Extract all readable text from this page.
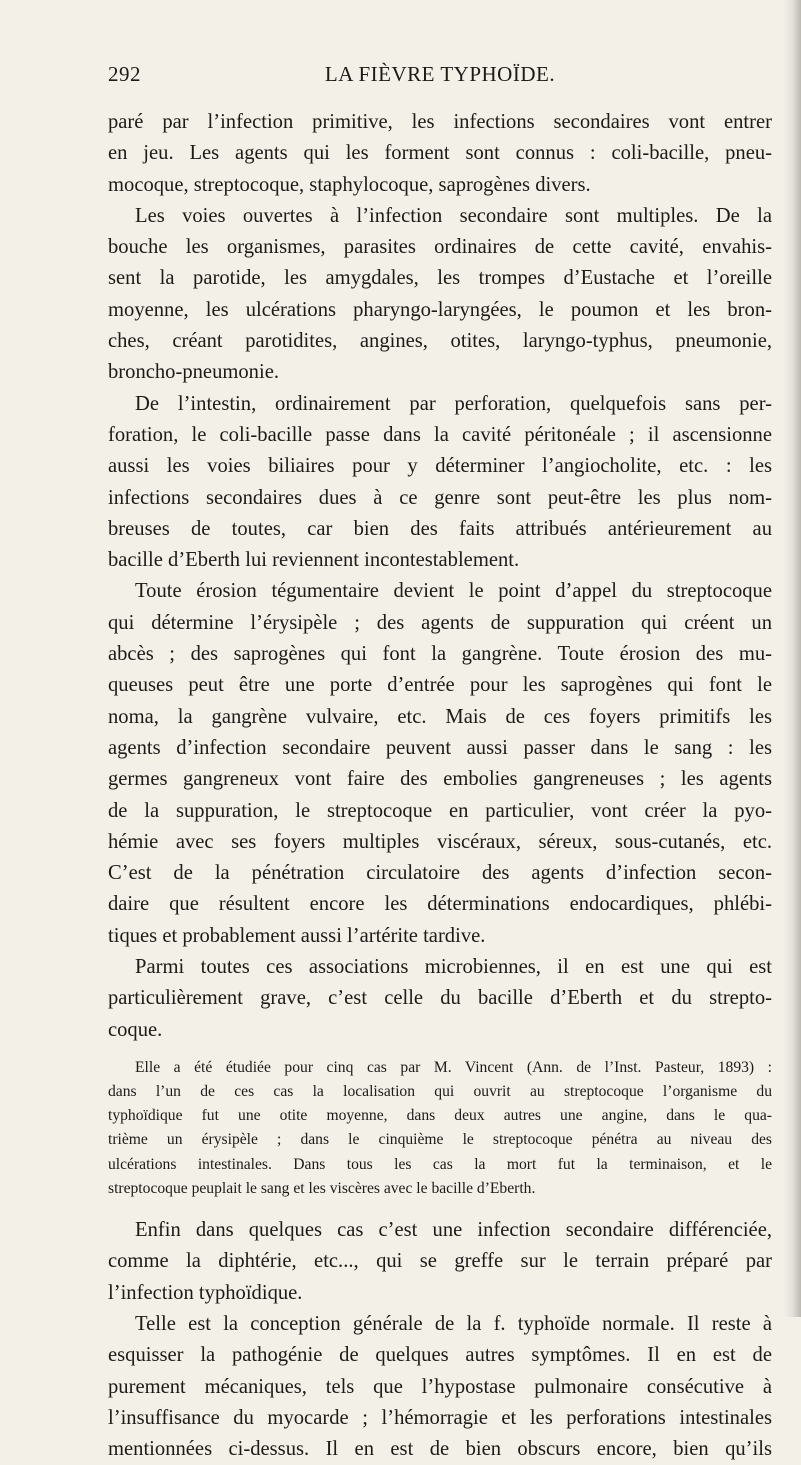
292	LA FIÈVRE TYPHOÏDE.
paré par l’infection primitive, les infections secondaires vont entrer
en jeu. Les agents qui les forment sont connus : coli-bacille, pneu-
mocoque, streptocoque, staphylocoque, saprogènes divers.
Les voies ouvertes à l’infection secondaire sont multiples. De la
bouche les organismes, parasites ordinaires de cette cavité, envahis-
sent la parotide, les amygdales, les trompes d’Eustache et l’oreille
moyenne, les ulcérations pharyngo-laryngées, le poumon et les bron-
ches, créant parotidites, angines, otites, laryngo-typhus, pneumonie,
broncho-pneumonie.
De l’intestin, ordinairement par perforation, quelquefois sans per-
foration, le coli-bacille passe dans la cavité péritonéale ; il ascensionne
aussi les voies biliaires pour y déterminer l’angiocholite, etc. : les
infections secondaires dues à ce genre sont peut-être les plus nom-
breuses de toutes, car bien des faits attribués antérieurement au
bacille d’Eberth lui reviennent incontestablement.
Toute érosion tégumentaire devient le point d’appel du streptocoque
qui détermine l’érysipèle ; des agents de suppuration qui créent un
abcès ; des saprogènes qui font la gangrène. Toute érosion des mu-
queuses peut être une porte d’entrée pour les saprogènes qui font le
noma, la gangrène vulvaire, etc. Mais de ces foyers primitifs les
agents d’infection secondaire peuvent aussi passer dans le sang : les
germes gangreneux vont faire des embolies gangreneuses ; les agents
de la suppuration, le streptocoque en particulier, vont créer la pyo-
hémie avec ses foyers multiples viscéraux, séreux, sous-cutanés, etc.
C’est de la pénétration circulatoire des agents d’infection secon-
daire que résultent encore les déterminations endocardiques, phlébi-
tiques et probablement aussi l’artérite tardive.
Parmi toutes ces associations microbiennes, il en est une qui est
particulièrement grave, c’est celle du bacille d’Eberth et du strepto-
coque.
Elle a été étudiée pour cinq cas par M. Vincent (Ann. de l’Inst. Pasteur, 1893) :
dans l’un de ces cas la localisation qui ouvrit au streptocoque l’organisme du
typhoïdique fut une otite moyenne, dans deux autres une angine, dans le qua-
trième un érysipèle ; dans le cinquième le streptocoque pénétra au niveau des
ulcérations intestinales. Dans tous les cas la mort fut la terminaison, et le
streptocoque peuplait le sang et les viscères avec le bacille d’Eberth.
Enfin dans quelques cas c’est une infection secondaire différenciée,
comme la diphtérie, etc..., qui se greffe sur le terrain préparé par
l’infection typhoïdique.
Telle est la conception générale de la f. typhoïde normale. Il reste à
esquisser la pathogénie de quelques autres symptômes. Il en est de
purement mécaniques, tels que l’hypostase pulmonaire consécutive à
l’insuffisance du myocarde ; l’hémorragie et les perforations intestinales
mentionnées ci-dessus. Il en est de bien obscurs encore, bien qu’ils
